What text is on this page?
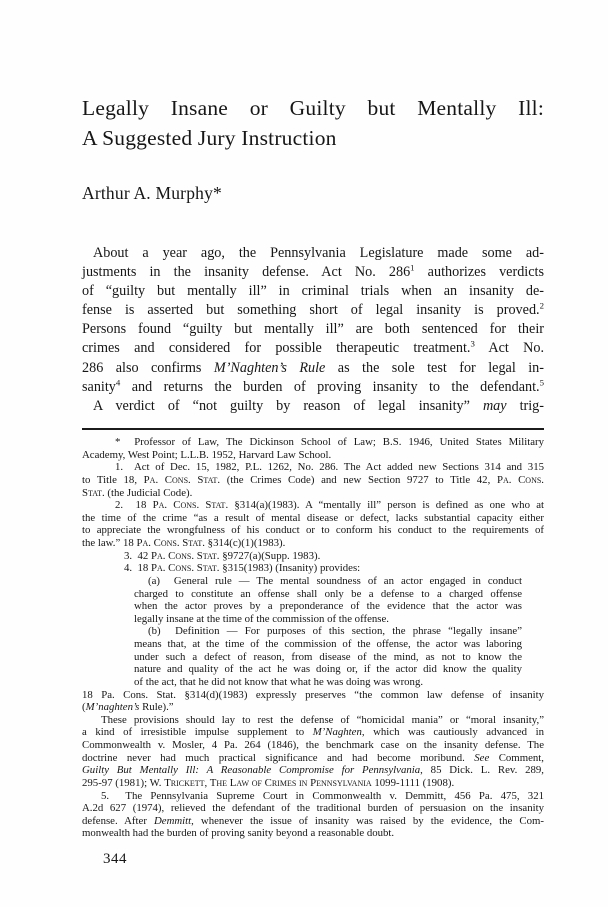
Legally Insane or Guilty but Mentally Ill:
A Suggested Jury Instruction
Arthur A. Murphy*
About a year ago, the Pennsylvania Legislature made some ad-
justments in the insanity defense. Act No. $286^1$ authorizes verdicts
of “guilty but mentally ill” in criminal trials when an insanity de-
fense is asserted but something short of legal insanity is proved.$^2$
Persons found “guilty but mentally ill” are both sentenced for their
crimes and considered for possible therapeutic treatment.$^3$ Act No.
286 also confirms M’Naghten’s Rule as the sole test for legal in-
sanity$^4$ and returns the burden of proving insanity to the defendant.$^5$
A verdict of “not guilty by reason of legal insanity” may trig-
*  Professor of Law, The Dickinson School of Law; B.S. 1946, United States Military
Academy, West Point; L.L.B. 1952, Harvard Law School.
1.  Act of Dec. 15, 1982, P.L. 1262, No. 286. The Act added new Sections 314 and 315
to Title 18, Pa. Cons. Stat. (the Crimes Code) and new Section 9727 to Title 42, Pa. Cons.
Stat. (the Judicial Code).
2.  18 Pa. Cons. Stat. §314(a)(1983). A “mentally ill” person is defined as one who at
the time of the crime “as a result of mental disease or defect, lacks substantial capacity either
to appreciate the wrongfulness of his conduct or to conform his conduct to the requirements of
the law.” 18 Pa. Cons. Stat. §314(c)(1)(1983).
3.  42 Pa. Cons. Stat. §9727(a)(Supp. 1983).
4.  18 Pa. Cons. Stat. §315(1983) (Insanity) provides:
(a)  General rule — The mental soundness of an actor engaged in conduct
charged to constitute an offense shall only be a defense to a charged offense
when the actor proves by a preponderance of the evidence that the actor was
legally insane at the time of the commission of the offense.
(b)  Definition — For purposes of this section, the phrase “legally insane”
means that, at the time of the commission of the offense, the actor was laboring
under such a defect of reason, from disease of the mind, as not to know the
nature and quality of the act he was doing or, if the actor did know the quality
of the act, that he did not know that what he was doing was wrong.
18 Pa. Cons. Stat. §314(d)(1983) expressly preserves “the common law defense of insanity
(M’naghten’s Rule).”
These provisions should lay to rest the defense of “homicidal mania” or “moral insanity,”
a kind of irresistible impulse supplement to M’Naghten, which was cautiously advanced in
Commonwealth v. Mosler, 4 Pa. 264 (1846), the benchmark case on the insanity defense. The
doctrine never had much practical significance and had become moribund. See Comment,
Guilty But Mentally Ill: A Reasonable Compromise for Pennsylvania, 85 Dick. L. Rev. 289,
295-97 (1981); W. Trickett, The Law of Crimes in Pennsylvania 1099-1111 (1908).
5.  The Pennsylvania Supreme Court in Commonwealth v. Demmitt, 456 Pa. 475, 321
A.2d 627 (1974), relieved the defendant of the traditional burden of persuasion on the insanity
defense. After Demmitt, whenever the issue of insanity was raised by the evidence, the Com-
monwealth had the burden of proving sanity beyond a reasonable doubt.
344
